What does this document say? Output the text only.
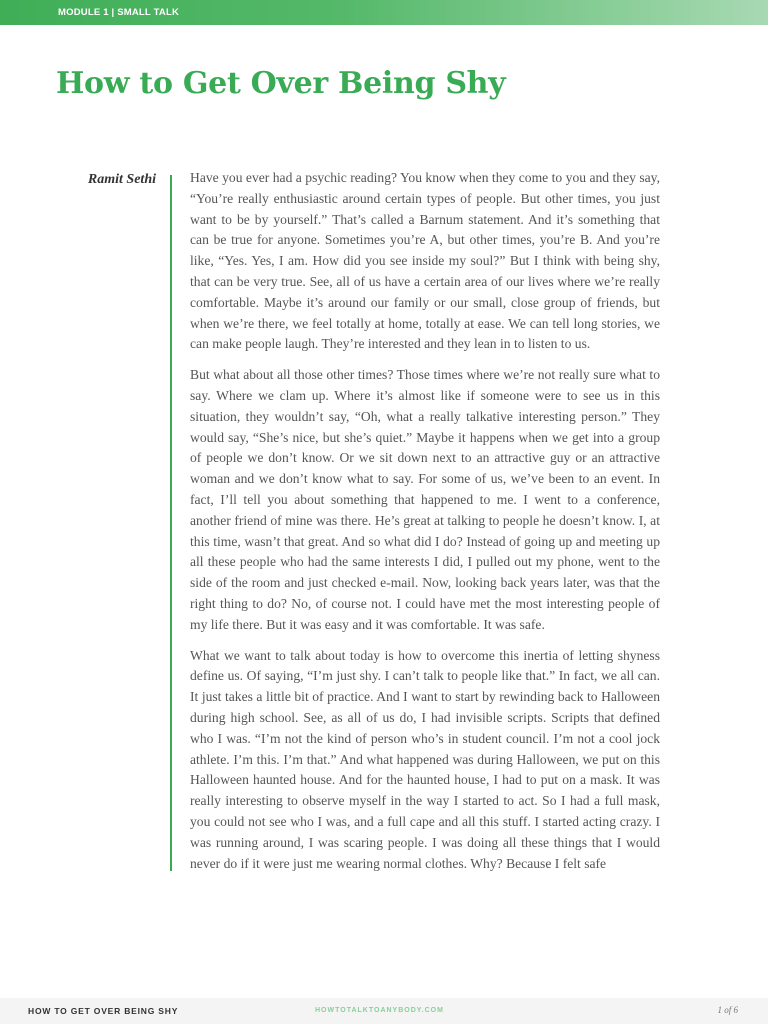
MODULE 1 | SMALL TALK
How to Get Over Being Shy
Ramit Sethi	Have you ever had a psychic reading? You know when they come to you and they say, “You’re really enthusiastic around certain types of people. But other times, you just want to be by yourself.” That’s called a Barnum statement. And it’s something that can be true for anyone. Sometimes you’re A, but other times, you’re B. And you’re like, “Yes. Yes, I am. How did you see inside my soul?” But I think with being shy, that can be very true. See, all of us have a certain area of our lives where we’re really comfortable. Maybe it’s around our family or our small, close group of friends, but when we’re there, we feel totally at home, totally at ease. We can tell long stories, we can make people laugh. They’re interested and they lean in to listen to us.

But what about all those other times? Those times where we’re not really sure what to say. Where we clam up. Where it’s almost like if someone were to see us in this situation, they wouldn’t say, “Oh, what a really talkative interesting person.” They would say, “She’s nice, but she’s quiet.” Maybe it happens when we get into a group of people we don’t know. Or we sit down next to an attractive guy or an attractive woman and we don’t know what to say. For some of us, we’ve been to an event. In fact, I’ll tell you about something that happened to me. I went to a conference, another friend of mine was there. He’s great at talking to people he doesn’t know. I, at this time, wasn’t that great. And so what did I do? Instead of going up and meeting up all these people who had the same interests I did, I pulled out my phone, went to the side of the room and just checked e-mail. Now, looking back years later, was that the right thing to do? No, of course not. I could have met the most interesting people of my life there. But it was easy and it was comfortable. It was safe.

What we want to talk about today is how to overcome this inertia of letting shyness define us. Of saying, “I’m just shy. I can’t talk to people like that.” In fact, we all can. It just takes a little bit of practice. And I want to start by rewinding back to Halloween during high school. See, as all of us do, I had invisible scripts. Scripts that defined who I was. “I’m not the kind of person who’s in student council. I’m not a cool jock athlete. I’m this. I’m that.” And what happened was during Halloween, we put on this Halloween haunted house. And for the haunted house, I had to put on a mask. It was really interesting to observe myself in the way I started to act. So I had a full mask, you could not see who I was, and a full cape and all this stuff. I started acting crazy. I was running around, I was scaring people. I was doing all these things that I would never do if it were just me wearing normal clothes. Why? Because I felt safe

HOW TO GET OVER BEING SHY	HOWTOTALKTOANYBODY.COM	1 of 6
